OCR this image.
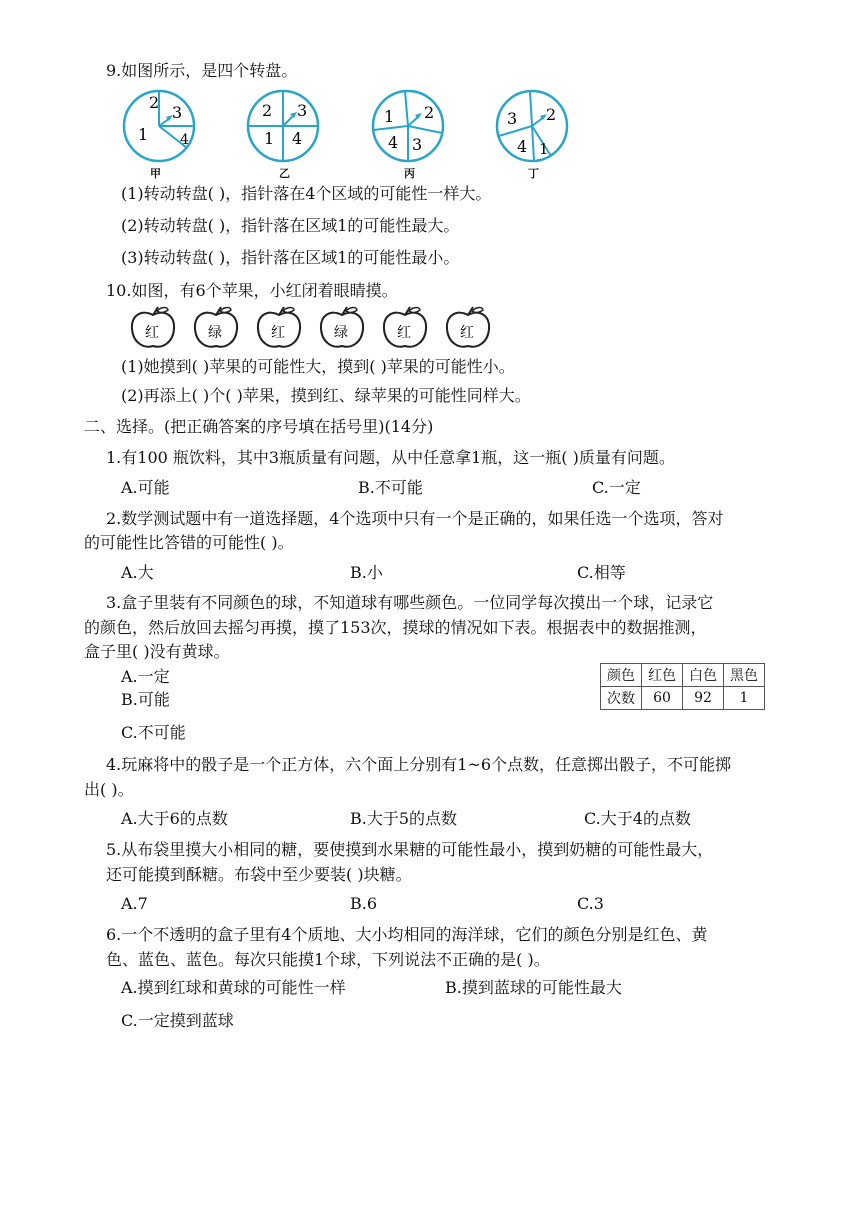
9.如图所示，是四个转盘。
2
3
1 4
甲
2 3
1 4
乙
1 2
4 3
丙
3 2
4 1
丁
(1)转动转盘( )，指针落在4个区域的可能性一样大。
(2)转动转盘( )，指针落在区域1的可能性最大。
(3)转动转盘( )，指针落在区域1的可能性最小。
10.如图，有6个苹果，小红闭着眼睛摸。
红	绿	红	绿	红	红
(1)她摸到( )苹果的可能性大，摸到( )苹果的可能性小。
(2)再添上( )个( )苹果，摸到红、绿苹果的可能性同样大。
二、选择。(把正确答案的序号填在括号里)(14分)
1.有100 瓶饮料，其中3瓶质量有问题，从中任意拿1瓶，这一瓶( )质量有问题。
A.可能	B.不可能	C.一定
2.数学测试题中有一道选择题，4个选项中只有一个是正确的，如果任选一个选项，答对
的可能性比答错的可能性( )。
A.大	B.小	C.相等
3.盒子里装有不同颜色的球，不知道球有哪些颜色。一位同学每次摸出一个球，记录它
的颜色，然后放回去摇匀再摸，摸了153次，摸球的情况如下表。根据表中的数据推测，
盒子里( )没有黄球。
A.一定
B.可能
C.不可能
颜色	红色	白色	黑色
次数	60	92	1
4.玩麻将中的骰子是一个正方体，六个面上分别有1~6个点数，任意掷出骰子，不可能掷
出( )。
A.大于6的点数	B.大于5的点数	C.大于4的点数
5.从布袋里摸大小相同的糖，要使摸到水果糖的可能性最小，摸到奶糖的可能性最大，
还可能摸到酥糖。布袋中至少要装( )块糖。
A.7	B.6	C.3
6.一个不透明的盒子里有4个质地、大小均相同的海洋球，它们的颜色分别是红色、黄
色、蓝色、蓝色。每次只能摸1个球，下列说法不正确的是( )。
A.摸到红球和黄球的可能性一样	B.摸到蓝球的可能性最大
C.一定摸到蓝球
